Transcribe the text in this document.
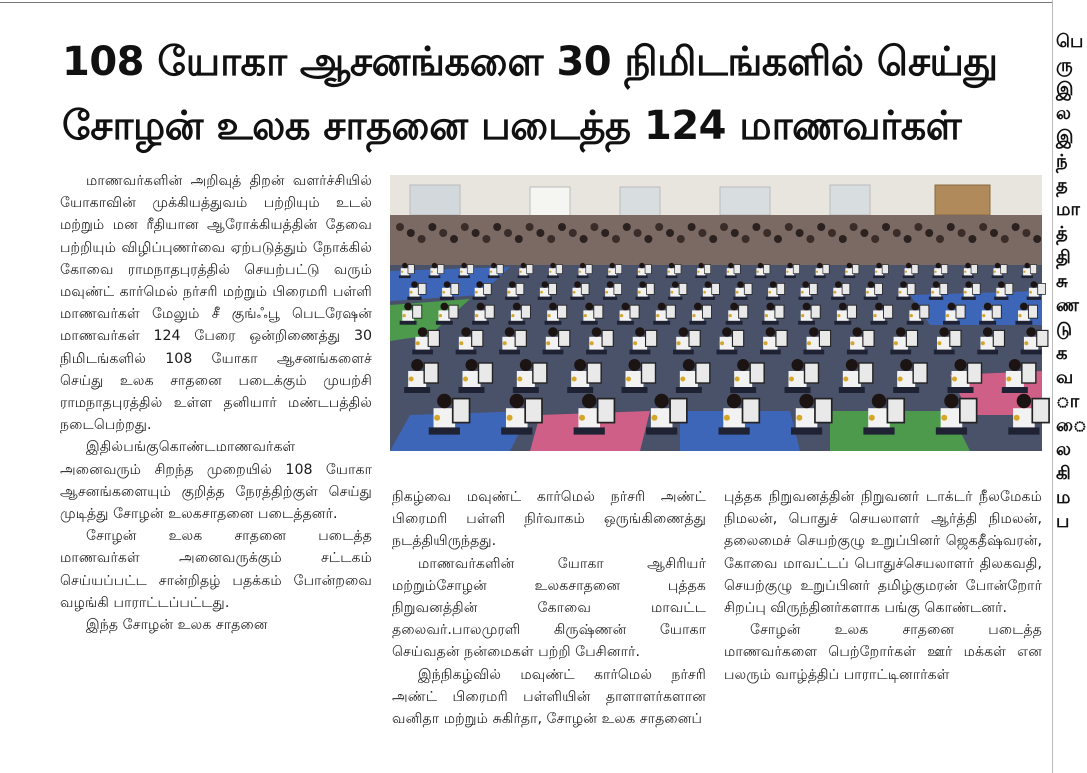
பெரு இல இந்த மாத்தி சு ண டு க வ ா ை ல கி ம ப
108 யோகா ஆசனங்களை 30 நிமிடங்களில் செய்து
சோழன் உலக சாதனை படைத்த 124 மாணவர்கள்

மாணவர்களின் அறிவுத் திறன் வளர்ச்சியில் யோகாவின் முக்கியத்துவம் பற்றியும் உடல் மற்றும் மன ரீதியான ஆரோக்கியத்தின் தேவை பற்றியும் விழிப்புணர்வை ஏற்படுத்தும் நோக்கில் கோவை ராமநாதபுரத்தில் செயற்பட்டு வரும் மவுண்ட் கார்மெல் நர்சரி மற்றும் பிரைமரி பள்ளி மாணவர்கள் மேலும் சீ குங்ஃபூ பெடரேஷன் மாணவர்கள் 124 பேரை ஒன்றிணைத்து 30 நிமிடங்களில் 108 யோகா ஆசனங்களைச் செய்து உலக சாதனை படைக்கும் முயற்சி ராமநாதபுரத்தில் உள்ள தனியார் மண்டபத்தில் நடைபெற்றது.

இதில்பங்குகொண்டமாணவர்கள் அனைவரும் சிறந்த முறையில் 108 யோகா ஆசனங்களையும் குறித்த நேரத்திற்குள் செய்து முடித்து சோழன் உலகசாதனை படைத்தனர்.

சோழன் உலக சாதனை படைத்த மாணவர்கள் அனைவருக்கும் சட்டகம் செய்யப்பட்ட சான்றிதழ் பதக்கம் போன்றவை வழங்கி பாராட்டப்பட்டது.

இந்த சோழன் உலக சாதனை

நிகழ்வை மவுண்ட் கார்மெல் நர்சரி அண்ட் பிரைமரி பள்ளி நிர்வாகம் ஒருங்கிணைத்து நடத்தியிருந்தது.

மாணவர்களின் யோகா ஆசிரியர் மற்றும்சோழன் உலகசாதனை புத்தக நிறுவனத்தின் கோவை மாவட்ட தலைவர்.பாலமுரளி கிருஷ்ணன் யோகா செய்வதன் நன்மைகள் பற்றி பேசினார்.

இந்நிகழ்வில் மவுண்ட் கார்மெல் நர்சரி அண்ட் பிரைமரி பள்ளியின் தாளாளர்களான வனிதா மற்றும் சுகிர்தா, சோழன் உலக சாதனைப்

புத்தக நிறுவனத்தின் நிறுவனர் டாக்டர் நீலமேகம் நிமலன், பொதுச் செயலாளர் ஆர்த்தி நிமலன், தலைமைச் செயற்குழு உறுப்பினர் ஜெகதீஷ்வரன், கோவை மாவட்டப் பொதுச்செயலாளர் திலகவதி, செயற்குழு உறுப்பினர் தமிழ்குமரன் போன்றோர் சிறப்பு விருந்தினர்களாக பங்கு கொண்டனர்.

சோழன் உலக சாதனை படைத்த மாணவர்களை பெற்றோர்கள் ஊர் மக்கள் என பலரும் வாழ்த்திப் பாராட்டினார்கள்
